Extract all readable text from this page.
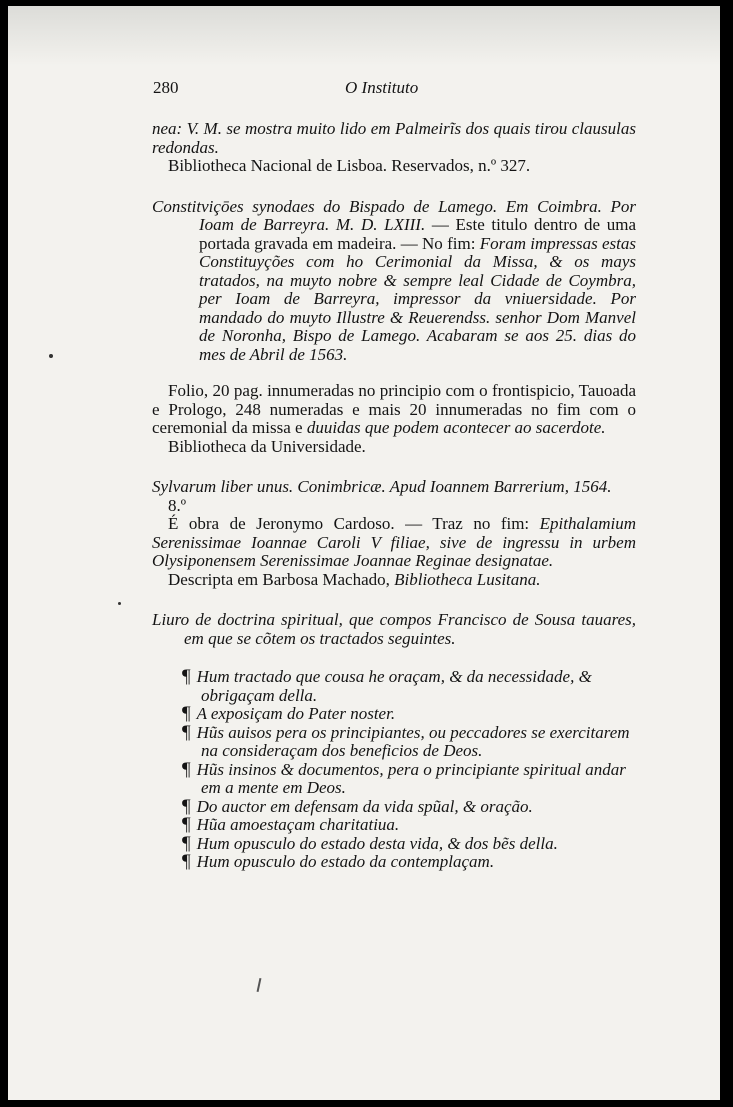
280	O Instituto

nea: V. M. se mostra muito lido em Palmeirĩs dos quais tirou clausulas redondas.

Bibliotheca Nacional de Lisboa. Reservados, n.º 327.

Constitviçōes synodaes do Bispado de Lamego. Em Coimbra. Por Ioam de Barreyra. M. D. LXIII. — Este titulo dentro de uma portada gravada em madeira. — No fim: Foram impressas estas Constituyções com ho Cerimonial da Missa, & os mays tratados, na muyto nobre & sempre leal Cidade de Coymbra, per Ioam de Barreyra, impressor da vniuersidade. Por mandado do muyto Illustre & Reuerendss. senhor Dom Manvel de Noronha, Bispo de Lamego. Acabaram se aos 25. dias do mes de Abril de 1563.

Folio, 20 pag. innumeradas no principio com o frontispicio, Tauoada e Prologo, 248 numeradas e mais 20 innumeradas no fim com o ceremonial da missa e duuidas que podem acontecer ao sacerdote.

Bibliotheca da Universidade.

Sylvarum liber unus. Conimbricæ. Apud Ioannem Barrerium, 1564.

8.º

É obra de Jeronymo Cardoso. — Traz no fim: Epithalamium Serenissimae Ioannae Caroli V filiae, sive de ingressu in urbem Olysiponensem Serenissimae Joannae Reginae designatae.

Descripta em Barbosa Machado, Bibliotheca Lusitana.

Liuro de doctrina spiritual, que compos Francisco de Sousa tauares, em que se cõtem os tractados seguintes.

¶ Hum tractado que cousa he oraçam, & da necessidade, & obrigaçam della.

¶ A exposiçam do Pater noster.

¶ Hũs auisos pera os principiantes, ou peccadores se exercitarem na consideraçam dos beneficios de Deos.

¶ Hũs insinos & documentos, pera o principiante spiritual andar em a mente em Deos.

¶ Do auctor em defensam da vida spũal, & oração.

¶ Hũa amoestaçam charitatiua.

¶ Hum opusculo do estado desta vida, & dos bẽs della.

¶ Hum opusculo do estado da contemplaçam.
